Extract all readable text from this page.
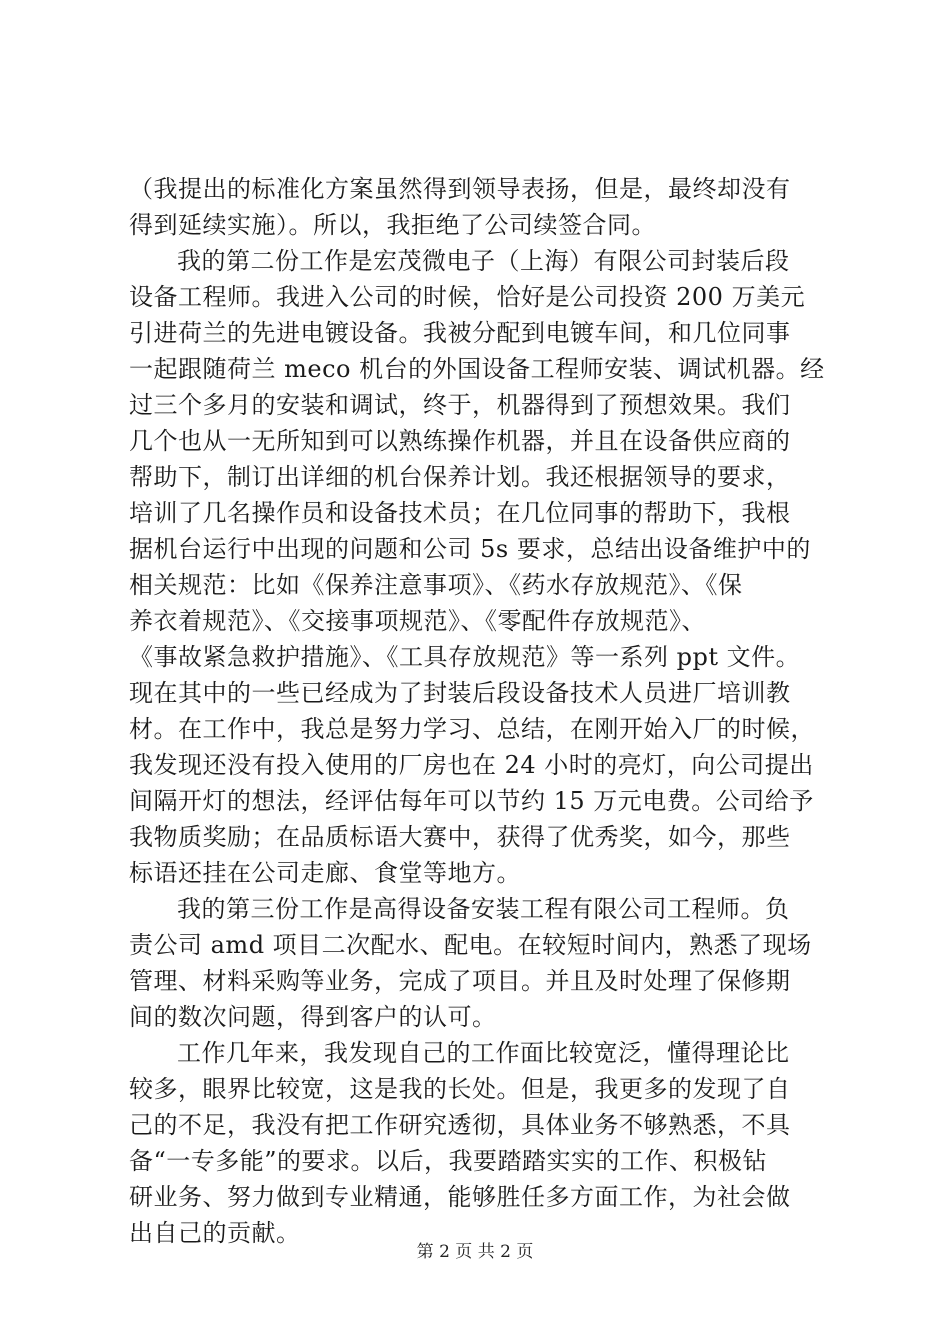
（我提出的标准化方案虽然得到领导表扬，但是，最终却没有
得到延续实施）。所以，我拒绝了公司续签合同。
我的第二份工作是宏茂微电子（上海）有限公司封装后段
设备工程师。我进入公司的时候，恰好是公司投资 200 万美元
引进荷兰的先进电镀设备。我被分配到电镀车间，和几位同事
一起跟随荷兰 meco 机台的外国设备工程师安装、调试机器。经
过三个多月的安装和调试，终于，机器得到了预想效果。我们
几个也从一无所知到可以熟练操作机器，并且在设备供应商的
帮助下，制订出详细的机台保养计划。我还根据领导的要求，
培训了几名操作员和设备技术员；在几位同事的帮助下，我根
据机台运行中出现的问题和公司 5s 要求，总结出设备维护中的
相关规范：比如《保养注意事项》、《药水存放规范》、《保
养衣着规范》、《交接事项规范》、《零配件存放规范》、
《事故紧急救护措施》、《工具存放规范》等一系列 ppt 文件。
现在其中的一些已经成为了封装后段设备技术人员进厂培训教
材。在工作中，我总是努力学习、总结，在刚开始入厂的时候，
我发现还没有投入使用的厂房也在 24 小时的亮灯，向公司提出
间隔开灯的想法，经评估每年可以节约 15 万元电费。公司给予
我物质奖励；在品质标语大赛中，获得了优秀奖，如今，那些
标语还挂在公司走廊、食堂等地方。
我的第三份工作是高得设备安装工程有限公司工程师。负
责公司 amd 项目二次配水、配电。在较短时间内，熟悉了现场
管理、材料采购等业务，完成了项目。并且及时处理了保修期
间的数次问题，得到客户的认可。
工作几年来，我发现自己的工作面比较宽泛，懂得理论比
较多，眼界比较宽，这是我的长处。但是，我更多的发现了自
己的不足，我没有把工作研究透彻，具体业务不够熟悉，不具
备“一专多能”的要求。以后，我要踏踏实实的工作、积极钻
研业务、努力做到专业精通，能够胜任多方面工作，为社会做
出自己的贡献。
第 2 页 共 2 页
